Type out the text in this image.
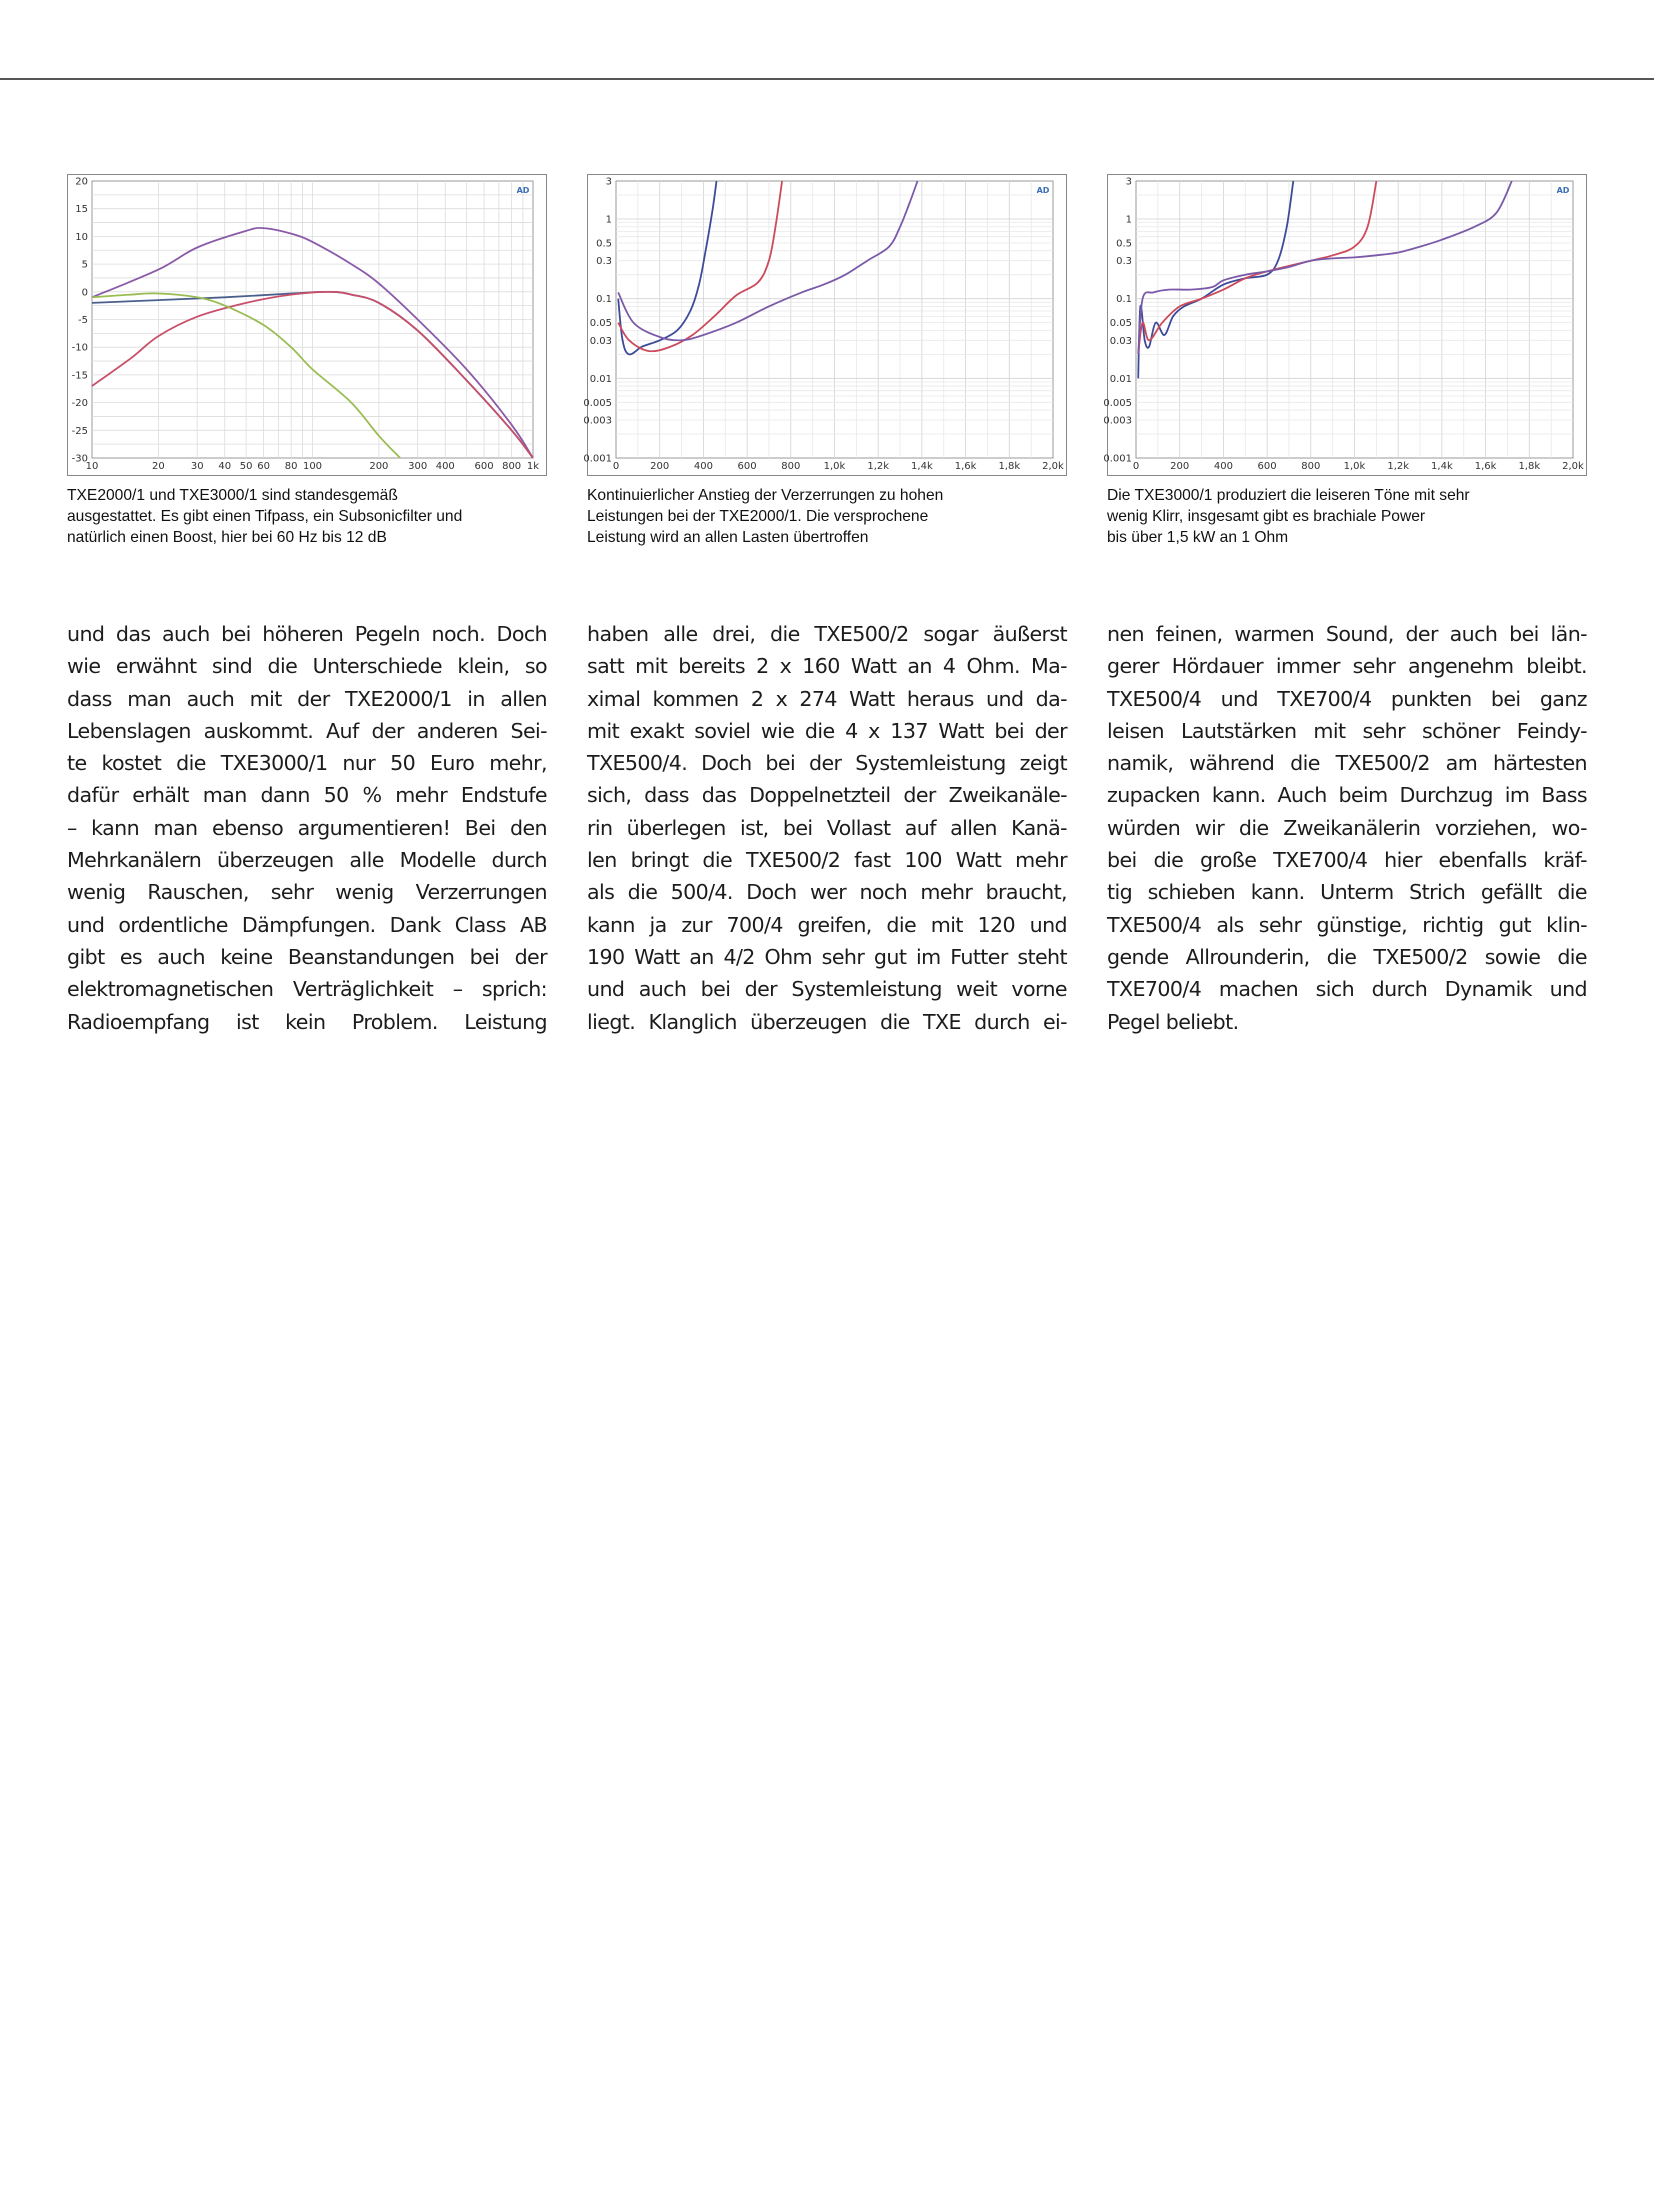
10	20	30 40 50 60 80 100	200 300 400 600 800 1k
20
15
10
5
0
-5
-10
-15
-20
-25
-30
AD
0	200 400 600 800 1,0k 1,2k 1,4k 1,6k 1,8k 2,0k
3
1
0.5
0.3
0.1
0.05
0.03
0.01
0.005
0.003
0.001
AD
0	200 400 600 800 1,0k 1,2k 1,4k 1,6k 1,8k 2,0k
3
1
0.5
0.3
0.1
0.05
0.03
0.01
0.005
0.003
0.001
AD
TXE2000/1 und TXE3000/1 sind standesgemäß
ausgestattet. Es gibt einen Tifpass, ein Subsonicfilter und
natürlich einen Boost, hier bei 60 Hz bis 12 dB
Kontinuierlicher Anstieg der Verzerrungen zu hohen
Leistungen bei der TXE2000/1. Die versprochene
Leistung wird an allen Lasten übertroffen
Die TXE3000/1 produziert die leiseren Töne mit sehr
wenig Klirr, insgesamt gibt es brachiale Power
bis über 1,5 kW an 1 Ohm
und das auch bei höheren Pegeln noch. Doch
wie erwähnt sind die Unterschiede klein, so
dass man auch mit der TXE2000/1 in allen
Lebenslagen auskommt. Auf der anderen Sei-
te kostet die TXE3000/1 nur 50 Euro mehr,
dafür erhält man dann 50 % mehr Endstufe
– kann man ebenso argumentieren! Bei den
Mehrkanälern überzeugen alle Modelle durch
wenig Rauschen, sehr wenig Verzerrungen
und ordentliche Dämpfungen. Dank Class AB
gibt es auch keine Beanstandungen bei der
elektromagnetischen Verträglichkeit – sprich:
Radioempfang ist kein Problem. Leistung
haben alle drei, die TXE500/2 sogar äußerst
satt mit bereits 2 x 160 Watt an 4 Ohm. Ma-
ximal kommen 2 x 274 Watt heraus und da-
mit exakt soviel wie die 4 x 137 Watt bei der
TXE500/4. Doch bei der Systemleistung zeigt
sich, dass das Doppelnetzteil der Zweikanäle-
rin überlegen ist, bei Vollast auf allen Kanä-
len bringt die TXE500/2 fast 100 Watt mehr
als die 500/4. Doch wer noch mehr braucht,
kann ja zur 700/4 greifen, die mit 120 und
190 Watt an 4/2 Ohm sehr gut im Futter steht
und auch bei der Systemleistung weit vorne
liegt. Klanglich überzeugen die TXE durch ei-
nen feinen, warmen Sound, der auch bei län-
gerer Hördauer immer sehr angenehm bleibt.
TXE500/4 und TXE700/4 punkten bei ganz
leisen Lautstärken mit sehr schöner Feindy-
namik, während die TXE500/2 am härtesten
zupacken kann. Auch beim Durchzug im Bass
würden wir die Zweikanälerin vorziehen, wo-
bei die große TXE700/4 hier ebenfalls kräf-
tig schieben kann. Unterm Strich gefällt die
TXE500/4 als sehr günstige, richtig gut klin-
gende Allrounderin, die TXE500/2 sowie die
TXE700/4 machen sich durch Dynamik und
Pegel beliebt.
